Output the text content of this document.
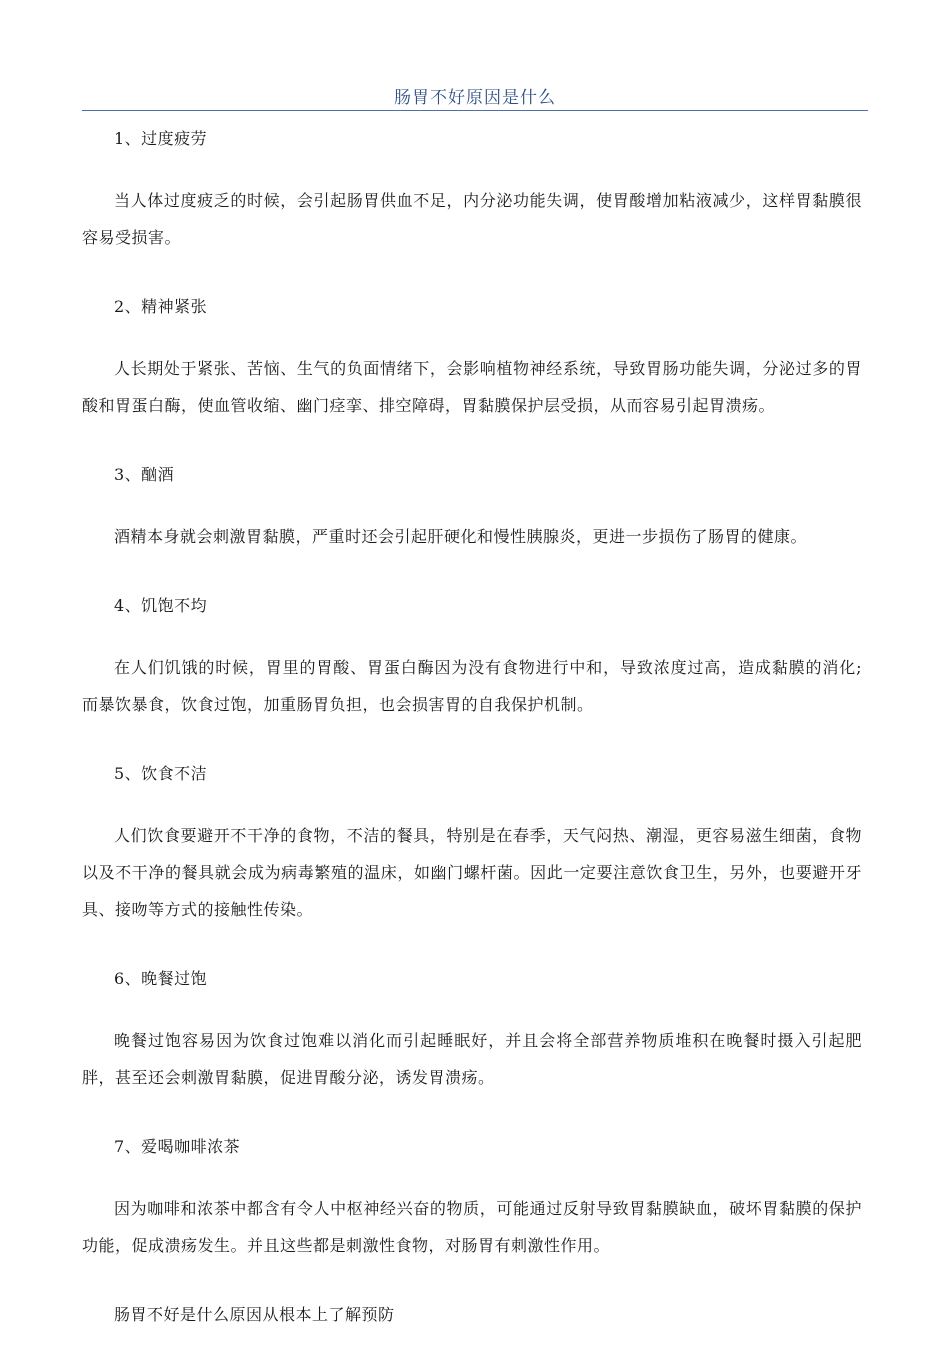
肠胃不好原因是什么
1、过度疲劳

当人体过度疲乏的时候，会引起肠胃供血不足，内分泌功能失调，使胃酸增加粘液减少，这样胃黏膜很容易受损害。

2、精神紧张

人长期处于紧张、苦恼、生气的负面情绪下，会影响植物神经系统，导致胃肠功能失调，分泌过多的胃酸和胃蛋白酶，使血管收缩、幽门痉挛、排空障碍，胃黏膜保护层受损，从而容易引起胃溃疡。

3、酗酒

酒精本身就会刺激胃黏膜，严重时还会引起肝硬化和慢性胰腺炎，更进一步损伤了肠胃的健康。

4、饥饱不均

在人们饥饿的时候，胃里的胃酸、胃蛋白酶因为没有食物进行中和，导致浓度过高，造成黏膜的消化;而暴饮暴食，饮食过饱，加重肠胃负担，也会损害胃的自我保护机制。

5、饮食不洁

人们饮食要避开不干净的食物，不洁的餐具，特别是在春季，天气闷热、潮湿，更容易滋生细菌，食物以及不干净的餐具就会成为病毒繁殖的温床，如幽门螺杆菌。因此一定要注意饮食卫生，另外，也要避开牙具、接吻等方式的接触性传染。

6、晚餐过饱

晚餐过饱容易因为饮食过饱难以消化而引起睡眠好，并且会将全部营养物质堆积在晚餐时摄入引起肥胖，甚至还会刺激胃黏膜，促进胃酸分泌，诱发胃溃疡。

7、爱喝咖啡浓茶

因为咖啡和浓茶中都含有令人中枢神经兴奋的物质，可能通过反射导致胃黏膜缺血，破坏胃黏膜的保护功能，促成溃疡发生。并且这些都是刺激性食物，对肠胃有刺激性作用。

肠胃不好是什么原因从根本上了解预防
